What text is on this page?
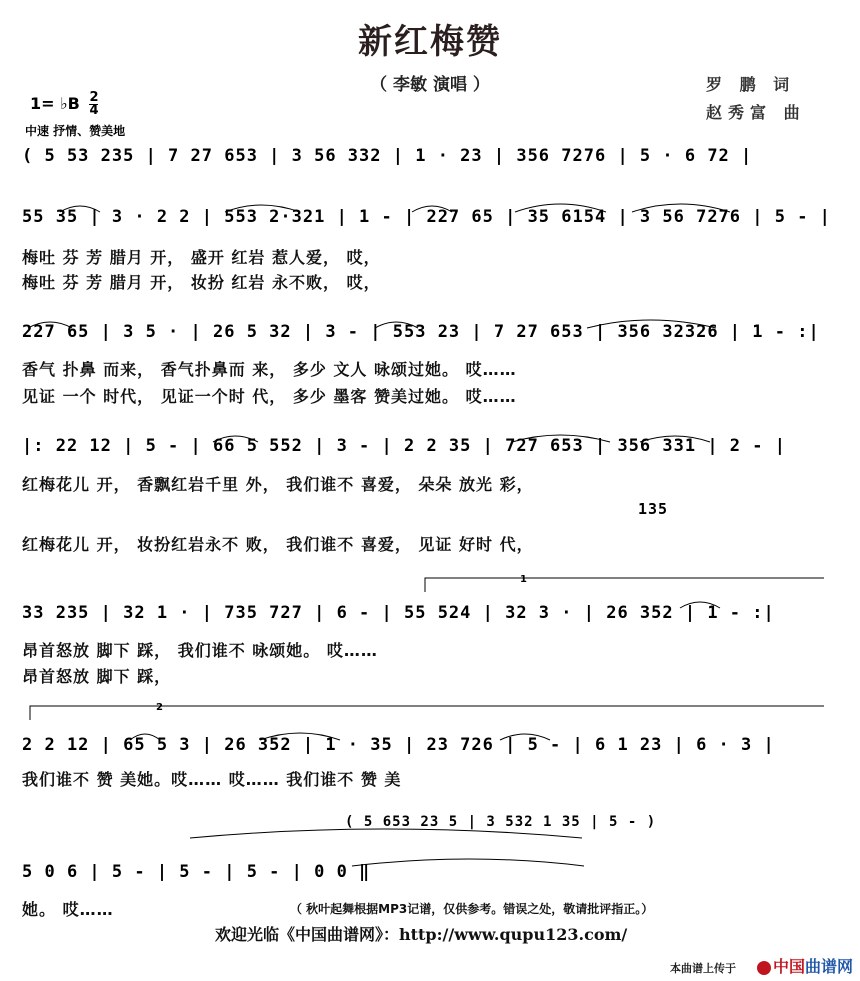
新红梅赞
（ 李敏 演唱 ）	罗 鹏 词
赵秀富 曲
1= ♭B $\frac{2}{4}$
中速 抒情、赞美地
( 5 53 235 | 7 27 653 | 3 56 332 | 1 · 23 | 356 7276 | 5 · 6 72 |
55 35 | 3 · 2 2 | 553 2·321 | 1 - | 227 65 | 35 6154 | 3 56 7276 | 5 - |
梅吐 芬 芳 腊月 开， 盛开 红岩 惹人爱， 哎，
梅吐 芬 芳 腊月 开， 妆扮 红岩 永不败， 哎，
227 65 | 3 5 · | 26 5 32 | 3 - | 553 23 | 7 27 653 | 356 32326 | 1 - :|
香气 扑鼻 而来， 香气扑鼻而 来， 多少 文人 咏颂过她。 哎……
见证 一个 时代， 见证一个时 代， 多少 墨客 赞美过她。 哎……
|: 22 12 | 5 - | 66 5 552 | 3 - | 2 2 35 | 727 653 | 356 331 | 2 - |
红梅花儿 开， 香飘红岩千里 外， 我们谁不 喜爱， 朵朵 放光 彩，
135
红梅花儿 开， 妆扮红岩永不 败， 我们谁不 喜爱， 见证 好时 代，
33 235 | 32 1 · | 735 727 | 6 - | 55 524 | 32 3 · | 26 352 | 1 - :|
昂首怒放 脚下 踩， 我们谁不 咏颂她。 哎……
昂首怒放 脚下 踩，
2 2 12 | 65 5 3 | 26 352 | 1 · 35 | 23 726 | 5 - | 6 1 23 | 6 · 3 |
我们谁不 赞 美她。哎…… 哎…… 我们谁不 赞 美
( 5 653 23 5 | 3 532 1 35 | 5 - )
5 0 6 | 5 - | 5 - | 5 - | 0 0 ‖
她。 哎……
1
2
（ 秋叶起舞根据MP3记谱，仅供参考。错误之处，敬请批评指正。）
欢迎光临《中国曲谱网》：http://www.qupu123.com/
本曲谱上传于	中国曲谱网
